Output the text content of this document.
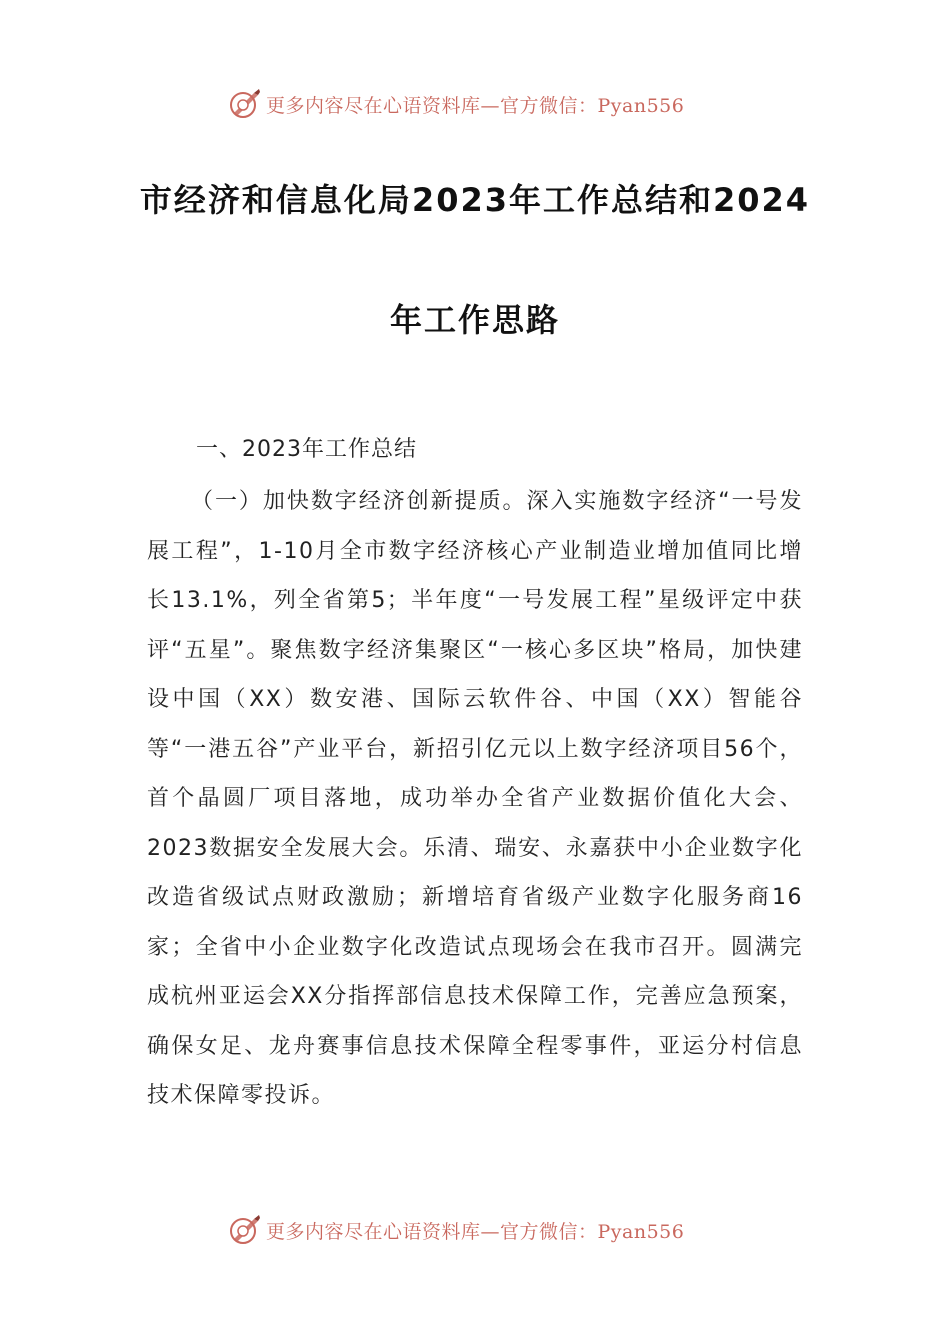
更多内容尽在心语资料库—官方微信：Pyan556
市经济和信息化局2023年工作总结和2024
年工作思路
一、2023年工作总结
（一）加快数字经济创新提质。深入实施数字经济“一号发展工程”，1-10月全市数字经济核心产业制造业增加值同比增长13.1%，列全省第5；半年度“一号发展工程”星级评定中获评“五星”。聚焦数字经济集聚区“一核心多区块”格局，加快建设中国（XX）数安港、国际云软件谷、中国（XX）智能谷等“一港五谷”产业平台，新招引亿元以上数字经济项目56个，首个晶圆厂项目落地，成功举办全省产业数据价值化大会、2023数据安全发展大会。乐清、瑞安、永嘉获中小企业数字化改造省级试点财政激励；新增培育省级产业数字化服务商16家；全省中小企业数字化改造试点现场会在我市召开。圆满完成杭州亚运会XX分指挥部信息技术保障工作，完善应急预案，确保女足、龙舟赛事信息技术保障全程零事件，亚运分村信息技术保障零投诉。
更多内容尽在心语资料库—官方微信：Pyan556
